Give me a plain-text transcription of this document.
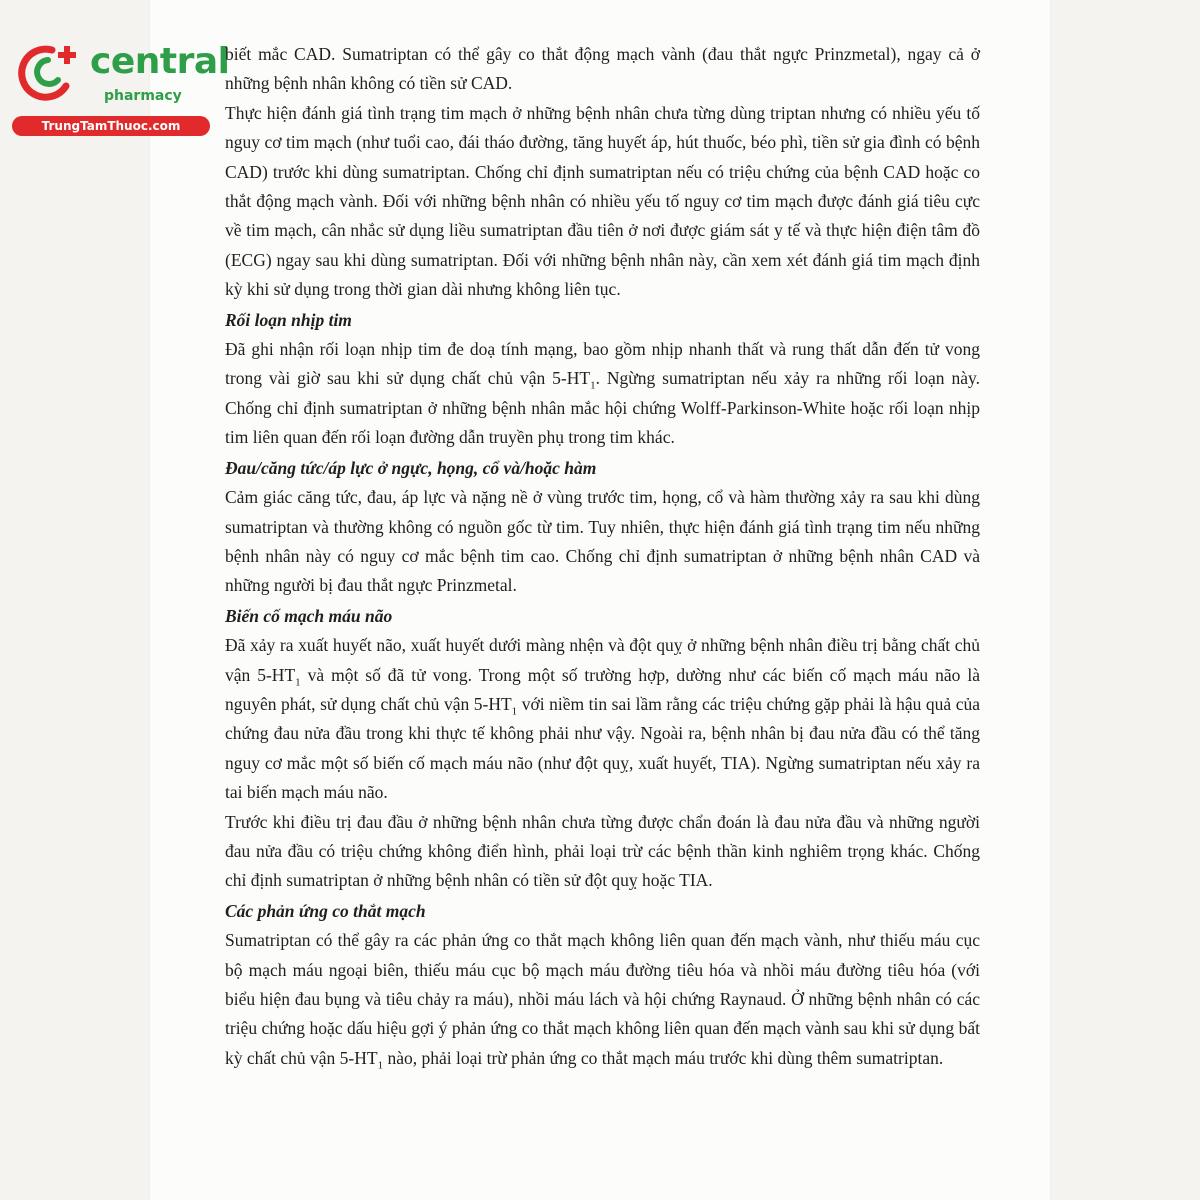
central
pharmacy
TrungTamThuoc.com

biết mắc CAD. Sumatriptan có thể gây co thắt động mạch vành (đau thắt ngực Prinzmetal), ngay cả ở những bệnh nhân không có tiền sử CAD.

Thực hiện đánh giá tình trạng tim mạch ở những bệnh nhân chưa từng dùng triptan nhưng có nhiều yếu tố nguy cơ tim mạch (như tuổi cao, đái tháo đường, tăng huyết áp, hút thuốc, béo phì, tiền sử gia đình có bệnh CAD) trước khi dùng sumatriptan. Chống chỉ định sumatriptan nếu có triệu chứng của bệnh CAD hoặc co thắt động mạch vành. Đối với những bệnh nhân có nhiều yếu tố nguy cơ tim mạch được đánh giá tiêu cực về tim mạch, cân nhắc sử dụng liều sumatriptan đầu tiên ở nơi được giám sát y tế và thực hiện điện tâm đồ (ECG) ngay sau khi dùng sumatriptan. Đối với những bệnh nhân này, cần xem xét đánh giá tim mạch định kỳ khi sử dụng trong thời gian dài nhưng không liên tục.

Rối loạn nhịp tim

Đã ghi nhận rối loạn nhịp tim đe doạ tính mạng, bao gồm nhịp nhanh thất và rung thất dẫn đến tử vong trong vài giờ sau khi sử dụng chất chủ vận $5-HT_1$. Ngừng sumatriptan nếu xảy ra những rối loạn này. Chống chỉ định sumatriptan ở những bệnh nhân mắc hội chứng Wolff-Parkinson-White hoặc rối loạn nhịp tim liên quan đến rối loạn đường dẫn truyền phụ trong tim khác.

Đau/căng tức/áp lực ở ngực, họng, cổ và/hoặc hàm

Cảm giác căng tức, đau, áp lực và nặng nề ở vùng trước tim, họng, cổ và hàm thường xảy ra sau khi dùng sumatriptan và thường không có nguồn gốc từ tim. Tuy nhiên, thực hiện đánh giá tình trạng tim nếu những bệnh nhân này có nguy cơ mắc bệnh tim cao. Chống chỉ định sumatriptan ở những bệnh nhân CAD và những người bị đau thắt ngực Prinzmetal.

Biến cố mạch máu não

Đã xảy ra xuất huyết não, xuất huyết dưới màng nhện và đột quỵ ở những bệnh nhân điều trị bằng chất chủ vận $5-HT_1$ và một số đã tử vong. Trong một số trường hợp, dường như các biến cố mạch máu não là nguyên phát, sử dụng chất chủ vận $5-HT_1$ với niềm tin sai lầm rằng các triệu chứng gặp phải là hậu quả của chứng đau nửa đầu trong khi thực tế không phải như vậy. Ngoài ra, bệnh nhân bị đau nửa đầu có thể tăng nguy cơ mắc một số biến cố mạch máu não (như đột quỵ, xuất huyết, TIA). Ngừng sumatriptan nếu xảy ra tai biến mạch máu não.

Trước khi điều trị đau đầu ở những bệnh nhân chưa từng được chẩn đoán là đau nửa đầu và những người đau nửa đầu có triệu chứng không điển hình, phải loại trừ các bệnh thần kinh nghiêm trọng khác. Chống chỉ định sumatriptan ở những bệnh nhân có tiền sử đột quỵ hoặc TIA.

Các phản ứng co thắt mạch

Sumatriptan có thể gây ra các phản ứng co thắt mạch không liên quan đến mạch vành, như thiếu máu cục bộ mạch máu ngoại biên, thiếu máu cục bộ mạch máu đường tiêu hóa và nhồi máu đường tiêu hóa (với biểu hiện đau bụng và tiêu chảy ra máu), nhồi máu lách và hội chứng Raynaud. Ở những bệnh nhân có các triệu chứng hoặc dấu hiệu gợi ý phản ứng co thắt mạch không liên quan đến mạch vành sau khi sử dụng bất kỳ chất chủ vận $5-HT_1$ nào, phải loại trừ phản ứng co thắt mạch máu trước khi dùng thêm sumatriptan.
